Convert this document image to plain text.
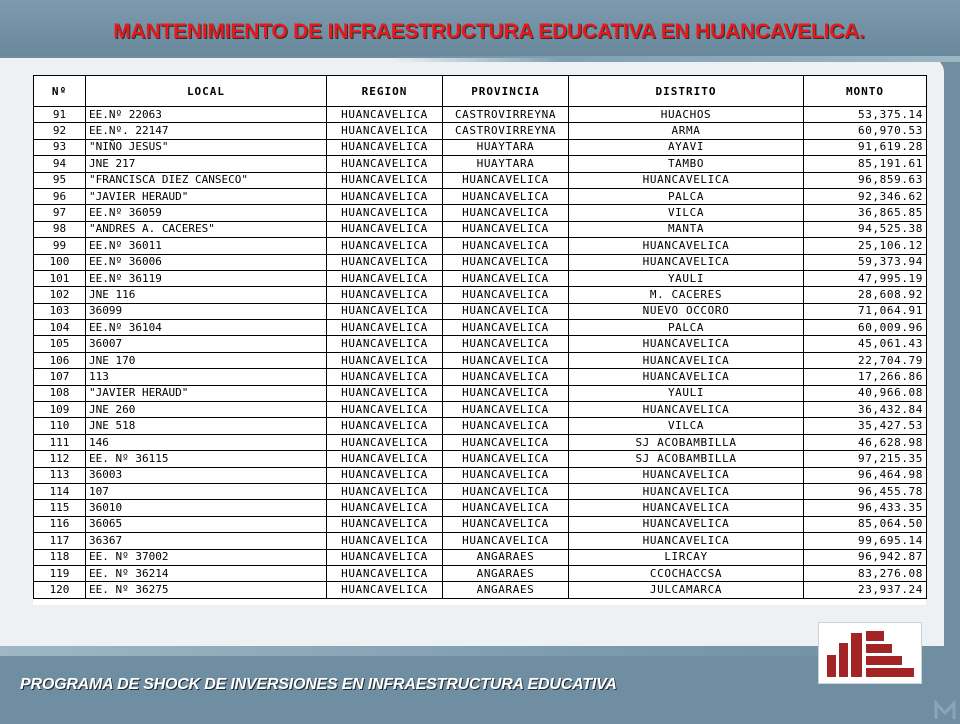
MANTENIMIENTO DE INFRAESTRUCTURA EDUCATIVA EN HUANCAVELICA.
Nº	LOCAL	REGION	PROVINCIA	DISTRITO	MONTO
91	EE.Nº 22063	HUANCAVELICA	CASTROVIRREYNA	HUACHOS	53,375.14
92	EE.Nº. 22147	HUANCAVELICA	CASTROVIRREYNA	ARMA	60,970.53
93	"NIÑO JESUS"	HUANCAVELICA	HUAYTARA	AYAVI	91,619.28
94	JNE 217	HUANCAVELICA	HUAYTARA	TAMBO	85,191.61
95	"FRANCISCA DIEZ CANSECO"	HUANCAVELICA	HUANCAVELICA	HUANCAVELICA	96,859.63
96	"JAVIER HERAUD"	HUANCAVELICA	HUANCAVELICA	PALCA	92,346.62
97	EE.Nº 36059	HUANCAVELICA	HUANCAVELICA	VILCA	36,865.85
98	"ANDRES A. CACERES"	HUANCAVELICA	HUANCAVELICA	MANTA	94,525.38
99	EE.Nº 36011	HUANCAVELICA	HUANCAVELICA	HUANCAVELICA	25,106.12
100	EE.Nº 36006	HUANCAVELICA	HUANCAVELICA	HUANCAVELICA	59,373.94
101	EE.Nº 36119	HUANCAVELICA	HUANCAVELICA	YAULI	47,995.19
102	JNE 116	HUANCAVELICA	HUANCAVELICA	M. CACERES	28,608.92
103	36099	HUANCAVELICA	HUANCAVELICA	NUEVO OCCORO	71,064.91
104	EE.Nº 36104	HUANCAVELICA	HUANCAVELICA	PALCA	60,009.96
105	36007	HUANCAVELICA	HUANCAVELICA	HUANCAVELICA	45,061.43
106	JNE 170	HUANCAVELICA	HUANCAVELICA	HUANCAVELICA	22,704.79
107	113	HUANCAVELICA	HUANCAVELICA	HUANCAVELICA	17,266.86
108	"JAVIER HERAUD"	HUANCAVELICA	HUANCAVELICA	YAULI	40,966.08
109	JNE 260	HUANCAVELICA	HUANCAVELICA	HUANCAVELICA	36,432.84
110	JNE 518	HUANCAVELICA	HUANCAVELICA	VILCA	35,427.53
111	146	HUANCAVELICA	HUANCAVELICA	SJ ACOBAMBILLA	46,628.98
112	EE. Nº 36115	HUANCAVELICA	HUANCAVELICA	SJ ACOBAMBILLA	97,215.35
113	36003	HUANCAVELICA	HUANCAVELICA	HUANCAVELICA	96,464.98
114	107	HUANCAVELICA	HUANCAVELICA	HUANCAVELICA	96,455.78
115	36010	HUANCAVELICA	HUANCAVELICA	HUANCAVELICA	96,433.35
116	36065	HUANCAVELICA	HUANCAVELICA	HUANCAVELICA	85,064.50
117	36367	HUANCAVELICA	HUANCAVELICA	HUANCAVELICA	99,695.14
118	EE. Nº 37002	HUANCAVELICA	ANGARAES	LIRCAY	96,942.87
119	EE. Nº 36214	HUANCAVELICA	ANGARAES	CCOCHACCSA	83,276.08
120	EE. Nº 36275	HUANCAVELICA	ANGARAES	JULCAMARCA	23,937.24

PROGRAMA DE SHOCK DE INVERSIONES EN INFRAESTRUCTURA EDUCATIVA
